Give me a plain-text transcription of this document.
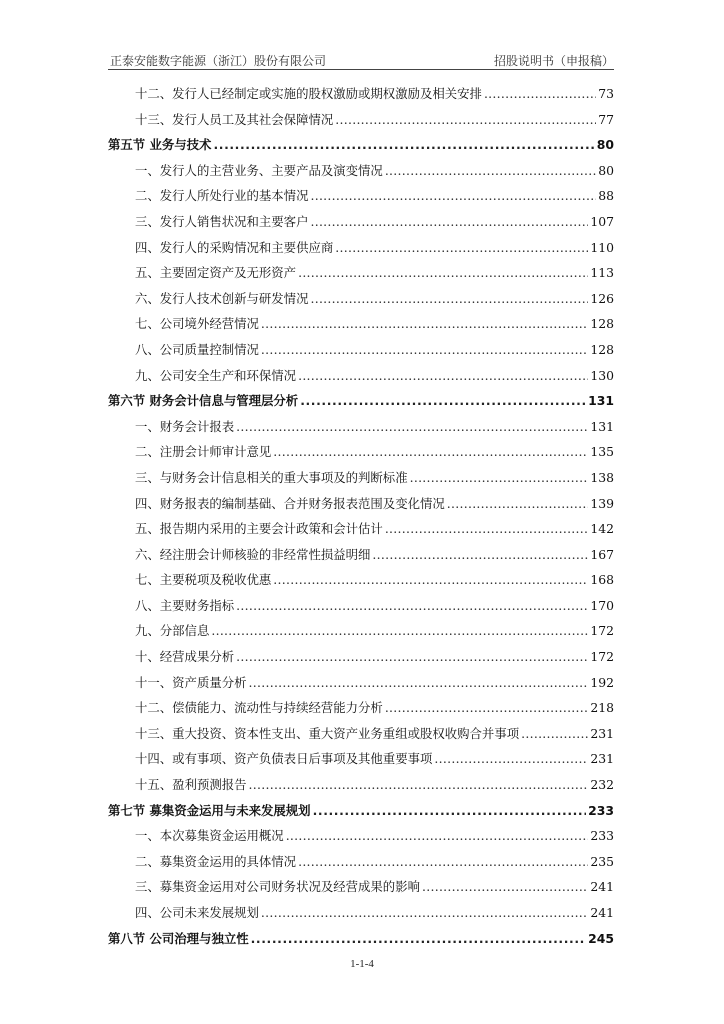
正泰安能数字能源（浙江）股份有限公司	招股说明书（申报稿）
十二、发行人已经制定或实施的股权激励或期权激励及相关安排 .....	73
十三、发行人员工及其社会保障情况 .....	77
第五节 业务与技术 .....	80
一、发行人的主营业务、主要产品及演变情况 .....	80
二、发行人所处行业的基本情况 .....	88
三、发行人销售状况和主要客户 .....	107
四、发行人的采购情况和主要供应商 .....	110
五、主要固定资产及无形资产 .....	113
六、发行人技术创新与研发情况 .....	126
七、公司境外经营情况 .....	128
八、公司质量控制情况 .....	128
九、公司安全生产和环保情况 .....	130
第六节 财务会计信息与管理层分析 .....	131
一、财务会计报表 .....	131
二、注册会计师审计意见 .....	135
三、与财务会计信息相关的重大事项及的判断标准 .....	138
四、财务报表的编制基础、合并财务报表范围及变化情况 .....	139
五、报告期内采用的主要会计政策和会计估计 .....	142
六、经注册会计师核验的非经常性损益明细 .....	167
七、主要税项及税收优惠 .....	168
八、主要财务指标 .....	170
九、分部信息 .....	172
十、经营成果分析 .....	172
十一、资产质量分析 .....	192
十二、偿债能力、流动性与持续经营能力分析 .....	218
十三、重大投资、资本性支出、重大资产业务重组或股权收购合并事项 .....	231
十四、或有事项、资产负债表日后事项及其他重要事项 .....	231
十五、盈利预测报告 .....	232
第七节 募集资金运用与未来发展规划 .....	233
一、本次募集资金运用概况 .....	233
二、募集资金运用的具体情况 .....	235
三、募集资金运用对公司财务状况及经营成果的影响 .....	241
四、公司未来发展规划 .....	241
第八节 公司治理与独立性 .....	245
1-1-4
